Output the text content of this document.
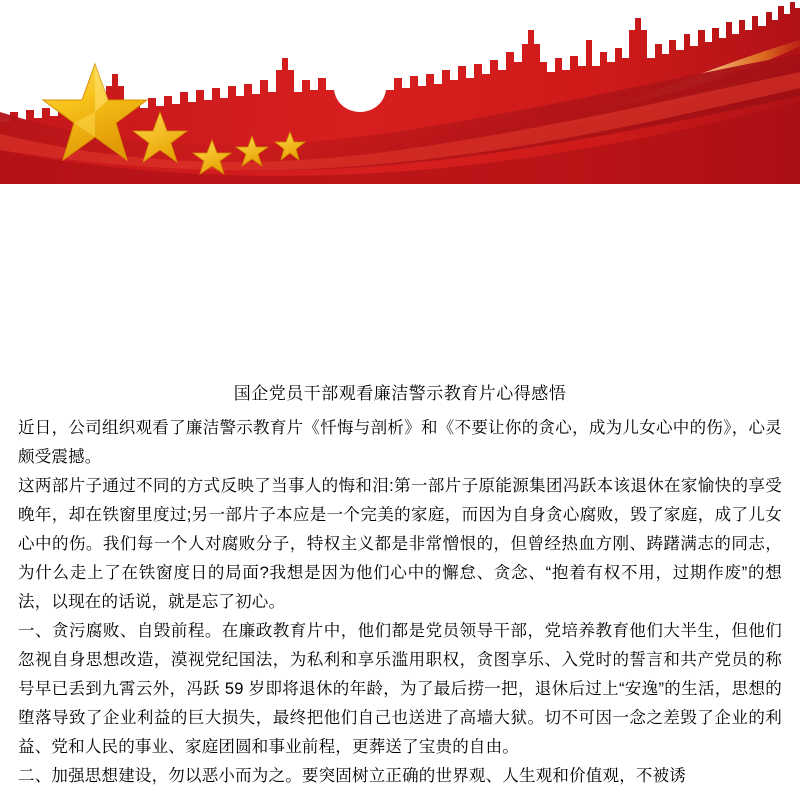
国企党员干部观看廉洁警示教育片心得感悟

近日，公司组织观看了廉洁警示教育片《忏悔与剖析》和《不要让你的贪心，成为儿女心中的伤》，心灵颇受震撼。

这两部片子通过不同的方式反映了当事人的悔和泪:第一部片子原能源集团冯跃本该退休在家愉快的享受晚年，却在铁窗里度过;另一部片子本应是一个完美的家庭，而因为自身贪心腐败，毁了家庭，成了儿女心中的伤。我们每一个人对腐败分子，特权主义都是非常憎恨的，但曾经热血方刚、踌躇满志的同志，为什么走上了在铁窗度日的局面?我想是因为他们心中的懈怠、贪念、“抱着有权不用，过期作废”的想法，以现在的话说，就是忘了初心。

一、贪污腐败、自毁前程。在廉政教育片中，他们都是党员领导干部，党培养教育他们大半生，但他们忽视自身思想改造，漠视党纪国法，为私利和享乐滥用职权，贪图享乐、入党时的誓言和共产党员的称号早已丢到九霄云外，冯跃 59 岁即将退休的年龄，为了最后捞一把，退休后过上“安逸”的生活，思想的堕落导致了企业利益的巨大损失，最终把他们自己也送进了高墙大狱。切不可因一念之差毁了企业的利益、党和人民的事业、家庭团圆和事业前程，更葬送了宝贵的自由。

二、加强思想建设，勿以恶小而为之。要突固树立正确的世界观、人生观和价值观，不被诱
